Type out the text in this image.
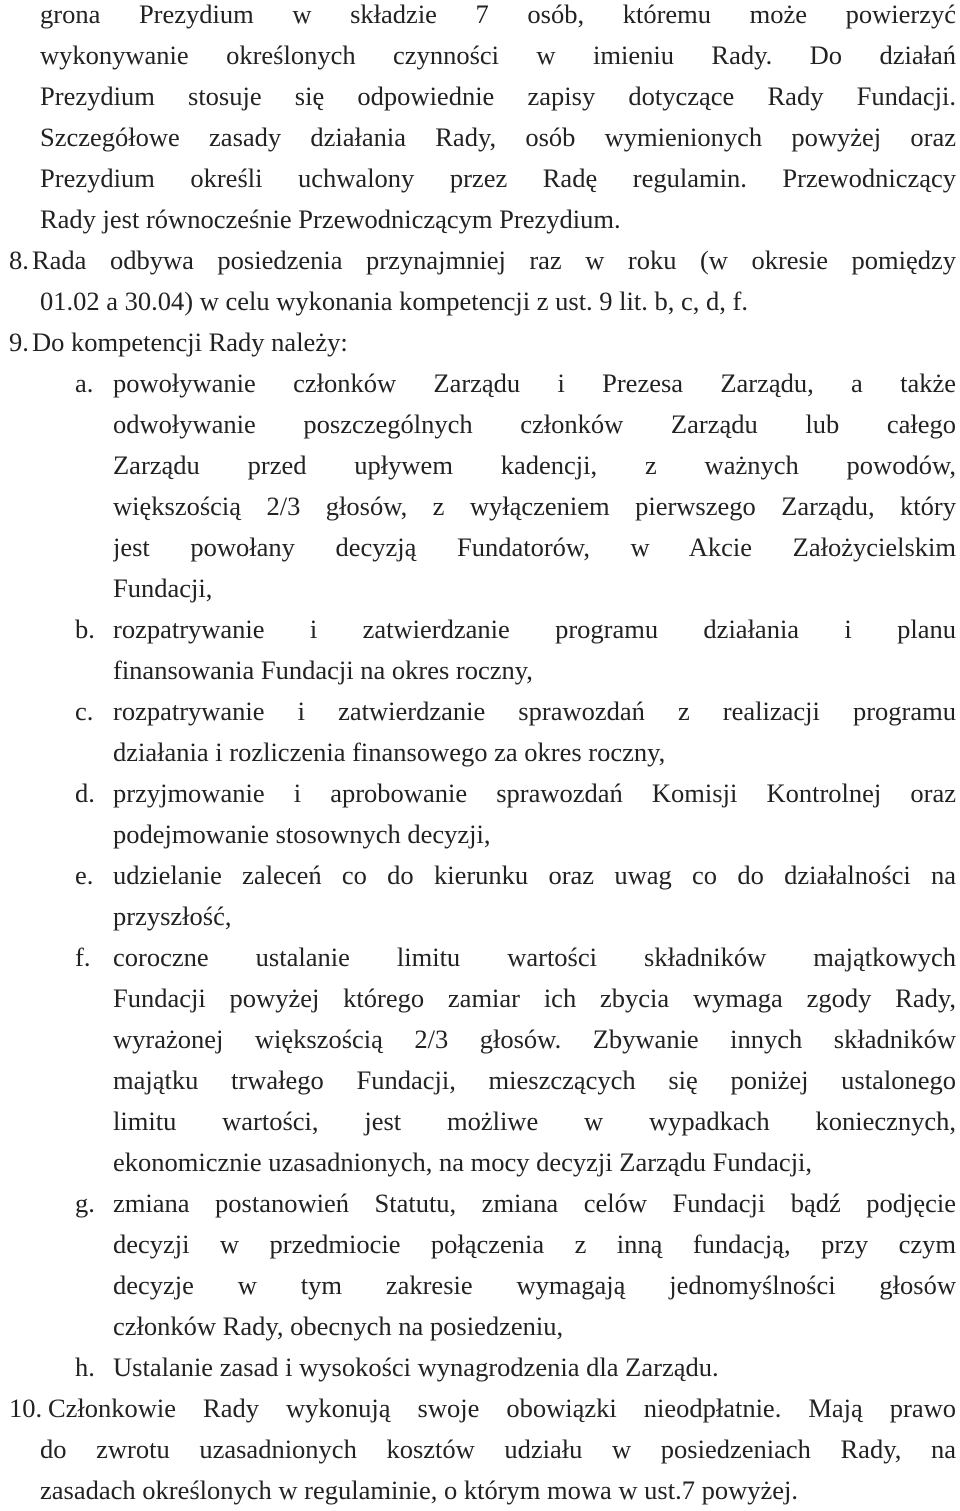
grona Prezydium w składzie 7 osób, któremu może powierzyć
wykonywanie określonych czynności w imieniu Rady. Do działań
Prezydium stosuje się odpowiednie zapisy dotyczące Rady Fundacji.
Szczegółowe zasady działania Rady, osób wymienionych powyżej oraz
Prezydium określi uchwalony przez Radę regulamin. Przewodniczący
Rady jest równocześnie Przewodniczącym Prezydium.
8. Rada odbywa posiedzenia przynajmniej raz w roku (w okresie pomiędzy
01.02 a 30.04) w celu wykonania kompetencji z ust. 9 lit. b, c, d, f.
9. Do kompetencji Rady należy:
a. powoływanie członków Zarządu i Prezesa Zarządu, a także
odwoływanie poszczególnych członków Zarządu lub całego
Zarządu przed upływem kadencji, z ważnych powodów,
większością 2/3 głosów, z wyłączeniem pierwszego Zarządu, który
jest powołany decyzją Fundatorów, w Akcie Założycielskim
Fundacji,
b. rozpatrywanie i zatwierdzanie programu działania i planu
finansowania Fundacji na okres roczny,
c. rozpatrywanie i zatwierdzanie sprawozdań z realizacji programu
działania i rozliczenia finansowego za okres roczny,
d. przyjmowanie i aprobowanie sprawozdań Komisji Kontrolnej oraz
podejmowanie stosownych decyzji,
e. udzielanie zaleceń co do kierunku oraz uwag co do działalności na
przyszłość,
f. coroczne ustalanie limitu wartości składników majątkowych
Fundacji powyżej którego zamiar ich zbycia wymaga zgody Rady,
wyrażonej większością 2/3 głosów. Zbywanie innych składników
majątku trwałego Fundacji, mieszczących się poniżej ustalonego
limitu wartości, jest możliwe w wypadkach koniecznych,
ekonomicznie uzasadnionych, na mocy decyzji Zarządu Fundacji,
g. zmiana postanowień Statutu, zmiana celów Fundacji bądź podjęcie
decyzji w przedmiocie połączenia z inną fundacją, przy czym
decyzje w tym zakresie wymagają jednomyślności głosów
członków Rady, obecnych na posiedzeniu,
h. Ustalanie zasad i wysokości wynagrodzenia dla Zarządu.
10. Członkowie Rady wykonują swoje obowiązki nieodpłatnie. Mają prawo
do zwrotu uzasadnionych kosztów udziału w posiedzeniach Rady, na
zasadach określonych w regulaminie, o którym mowa w ust.7 powyżej.
